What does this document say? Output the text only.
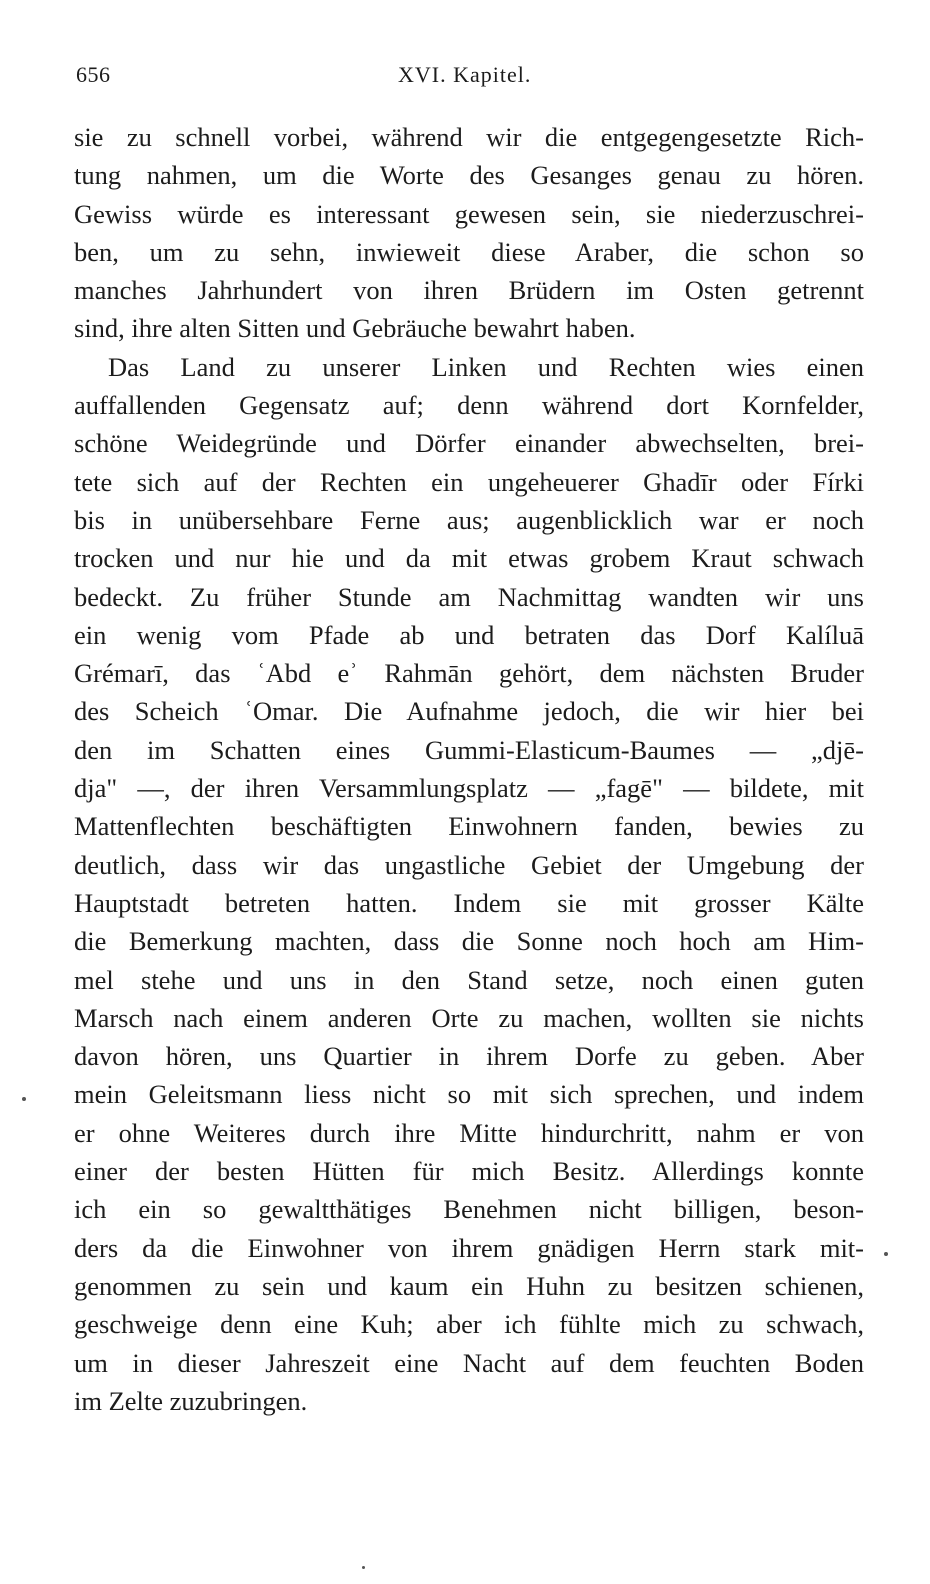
656	XVI. Kapitel.
sie zu schnell vorbei, während wir die entgegengesetzte Rich-
tung nahmen, um die Worte des Gesanges genau zu hören.
Gewiss würde es interessant gewesen sein, sie niederzuschrei-
ben, um zu sehn, inwieweit diese Araber, die schon so
manches Jahrhundert von ihren Brüdern im Osten getrennt
sind, ihre alten Sitten und Gebräuche bewahrt haben.
Das Land zu unserer Linken und Rechten wies einen
auffallenden Gegensatz auf; denn während dort Kornfelder,
schöne Weidegründe und Dörfer einander abwechselten, brei-
tete sich auf der Rechten ein ungeheuerer Ghadīr oder Fírki
bis in unübersehbare Ferne aus; augenblicklich war er noch
trocken und nur hie und da mit etwas grobem Kraut schwach
bedeckt. Zu früher Stunde am Nachmittag wandten wir uns
ein wenig vom Pfade ab und betraten das Dorf Kalíluā
Grémarī, das ʿAbd eʾ Rahmān gehört, dem nächsten Bruder
des Scheich ʿOmar. Die Aufnahme jedoch, die wir hier bei
den im Schatten eines Gummi-Elasticum-Baumes — „djē-
dja" —, der ihren Versammlungsplatz — „fagē" — bildete, mit
Mattenflechten beschäftigten Einwohnern fanden, bewies zu
deutlich, dass wir das ungastliche Gebiet der Umgebung der
Hauptstadt betreten hatten. Indem sie mit grosser Kälte
die Bemerkung machten, dass die Sonne noch hoch am Him-
mel stehe und uns in den Stand setze, noch einen guten
Marsch nach einem anderen Orte zu machen, wollten sie nichts
davon hören, uns Quartier in ihrem Dorfe zu geben. Aber
mein Geleitsmann liess nicht so mit sich sprechen, und indem
er ohne Weiteres durch ihre Mitte hindurchritt, nahm er von
einer der besten Hütten für mich Besitz. Allerdings konnte
ich ein so gewaltthätiges Benehmen nicht billigen, beson-
ders da die Einwohner von ihrem gnädigen Herrn stark mit-
genommen zu sein und kaum ein Huhn zu besitzen schienen,
geschweige denn eine Kuh; aber ich fühlte mich zu schwach,
um in dieser Jahreszeit eine Nacht auf dem feuchten Boden
im Zelte zuzubringen.
